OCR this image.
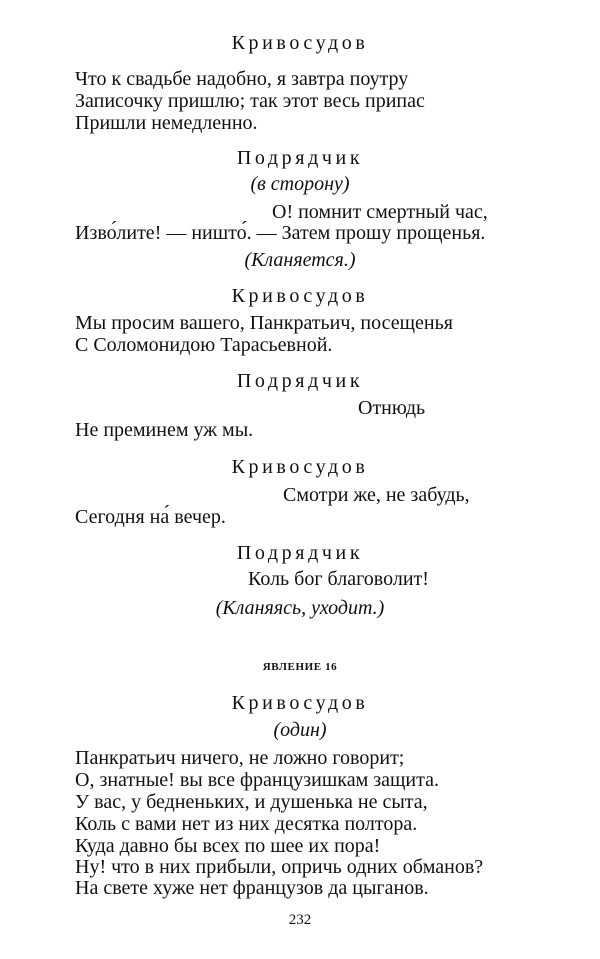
Кривосудов

Что к свадьбе надобно, я завтра поутру

Записочку пришлю; так этот весь припас

Пришли немедленно.

Подрядчик

(в сторону)

О! помнит смертный час,

Изво́лите! — ништо́. — Затем прошу прощенья.

(Кланяется.)

Кривосудов

Мы просим вашего, Панкратьич, посещенья

С Соломонидою Тарасьевной.

Подрядчик

Отнюдь

Не преминем уж мы.

Кривосудов

Смотри же, не забудь,

Сегодня на́ вечер.

Подрядчик

Коль бог благоволит!

(Кланяясь, уходит.)

ЯВЛЕНИЕ 16

Кривосудов

(один)

Панкратьич ничего, не ложно говорит;

О, знатные! вы все французишкам защита.

У вас, у бедненьких, и душенька не сыта,

Коль с вами нет из них десятка полтора.

Куда давно бы всех по шее их пора!

Ну! что в них прибыли, опричь одних обманов?

На свете хуже нет французов да цыганов.

232
